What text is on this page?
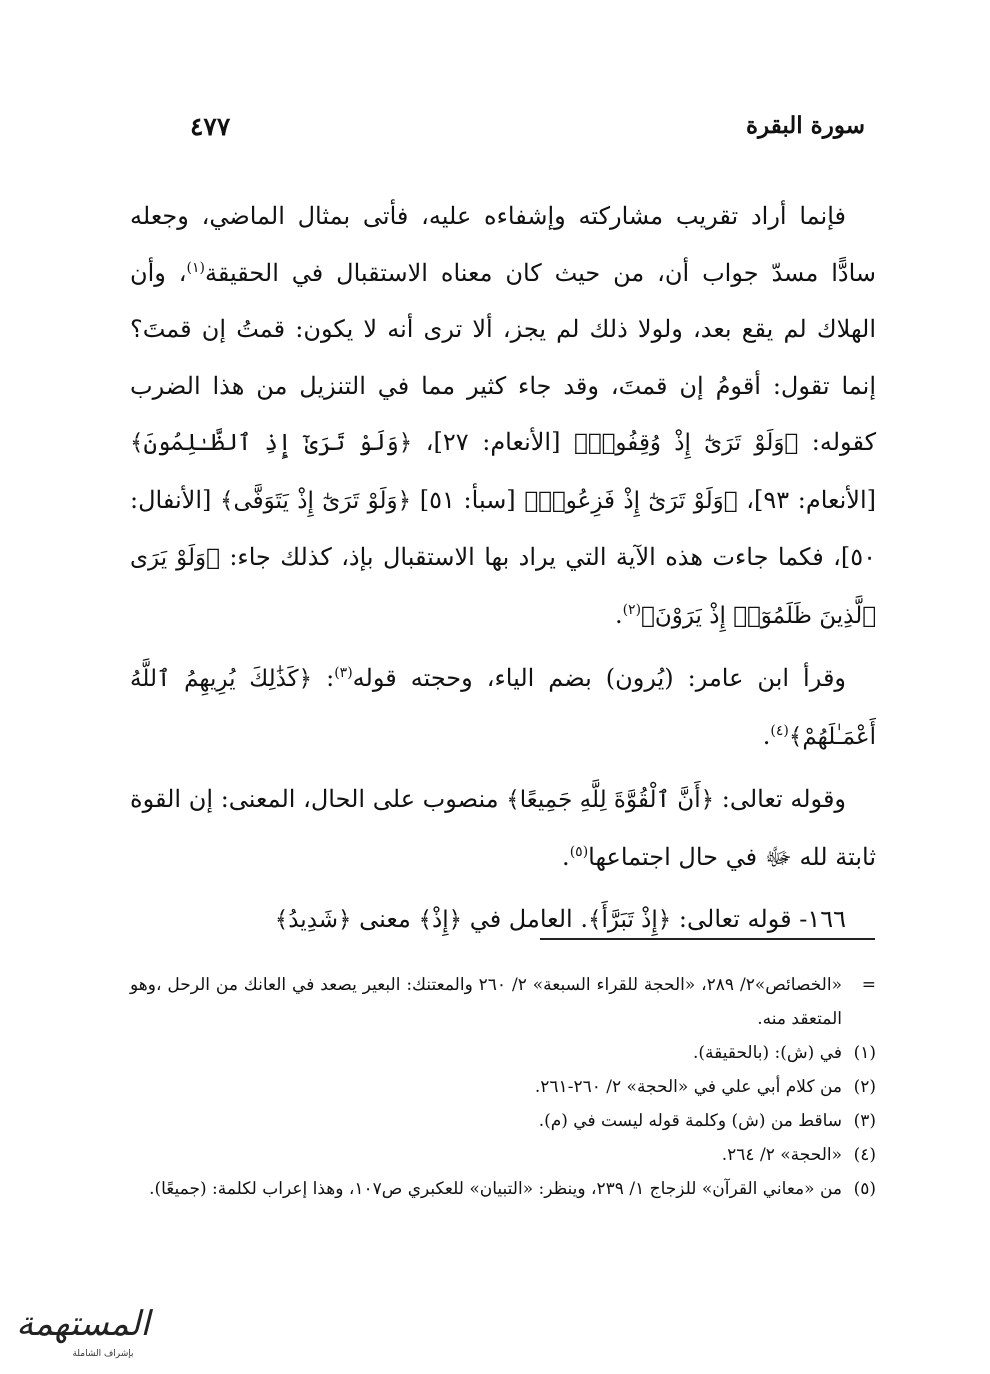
سورة البقرة
٤٧٧

فإنما أراد تقريب مشاركته وإشفاءه عليه، فأتى بمثال الماضي، وجعله سادًّا مسدّ جواب أن، من حيث كان معناه الاستقبال في الحقيقة$^{(١)}$، وأن الهلاك لم يقع بعد، ولولا ذلك لم يجز، ألا ترى أنه لا يكون: قمتُ إن قمتَ؟ إنما تقول: أقومُ إن قمتَ، وقد جاء كثير مما في التنزيل من هذا الضرب كقوله: ﴿وَلَوْ تَرَىٰٓ إِذْ وُقِفُوا۟﴾ [الأنعام: ٢٧]، ﴿وَلَوْ تَرَىٰٓ إِذِ ٱلظَّـٰلِمُونَ﴾ [الأنعام: ٩٣]، ﴿وَلَوْ تَرَىٰٓ إِذْ فَزِعُوا۟﴾ [سبأ: ٥١] ﴿وَلَوْ تَرَىٰٓ إِذْ يَتَوَفَّى﴾ [الأنفال: ٥٠]، فكما جاءت هذه الآية التي يراد بها الاستقبال بإذ، كذلك جاء: ﴿وَلَوْ يَرَى ٱلَّذِينَ ظَلَمُوٓا۟ إِذْ يَرَوْنَ﴾$^{(٢)}$.

وقرأ ابن عامر: (يُرون) بضم الياء، وحجته قوله$^{(٣)}$: ﴿كَذَٰلِكَ يُرِيهِمُ ٱللَّهُ أَعْمَـٰلَهُمْ﴾$^{(٤)}$.

وقوله تعالى: ﴿أَنَّ ٱلْقُوَّةَ لِلَّهِ جَمِيعًا﴾ منصوب على الحال، المعنى: إن القوة ثابتة لله ﷻ في حال اجتماعها$^{(٥)}$.

١٦٦- قوله تعالى: ﴿إِذْ تَبَرَّأَ﴾. العامل في ﴿إِذْ﴾ معنى ﴿شَدِيدُ﴾

=
«الخصائص»٢/ ٢٨٩، «الحجة للقراء السبعة» ٢/ ٢٦٠ والمعتنك: البعير يصعد في العانك من الرحل ،وهو المتعقد منه.
(١)
في (ش): (بالحقيقة).
(٢)
من كلام أبي علي في «الحجة» ٢/ ٢٦٠-٢٦١.
(٣)
ساقط من (ش) وكلمة قوله ليست في (م).
(٤)
«الحجة» ٢/ ٢٦٤.
(٥)
من «معاني القرآن» للزجاج ١/ ٢٣٩، وينظر: «التبيان» للعكبري ص١٠٧، وهذا إعراب لكلمة: (جميعًا).
المستهمة
بإشراف الشاملة
